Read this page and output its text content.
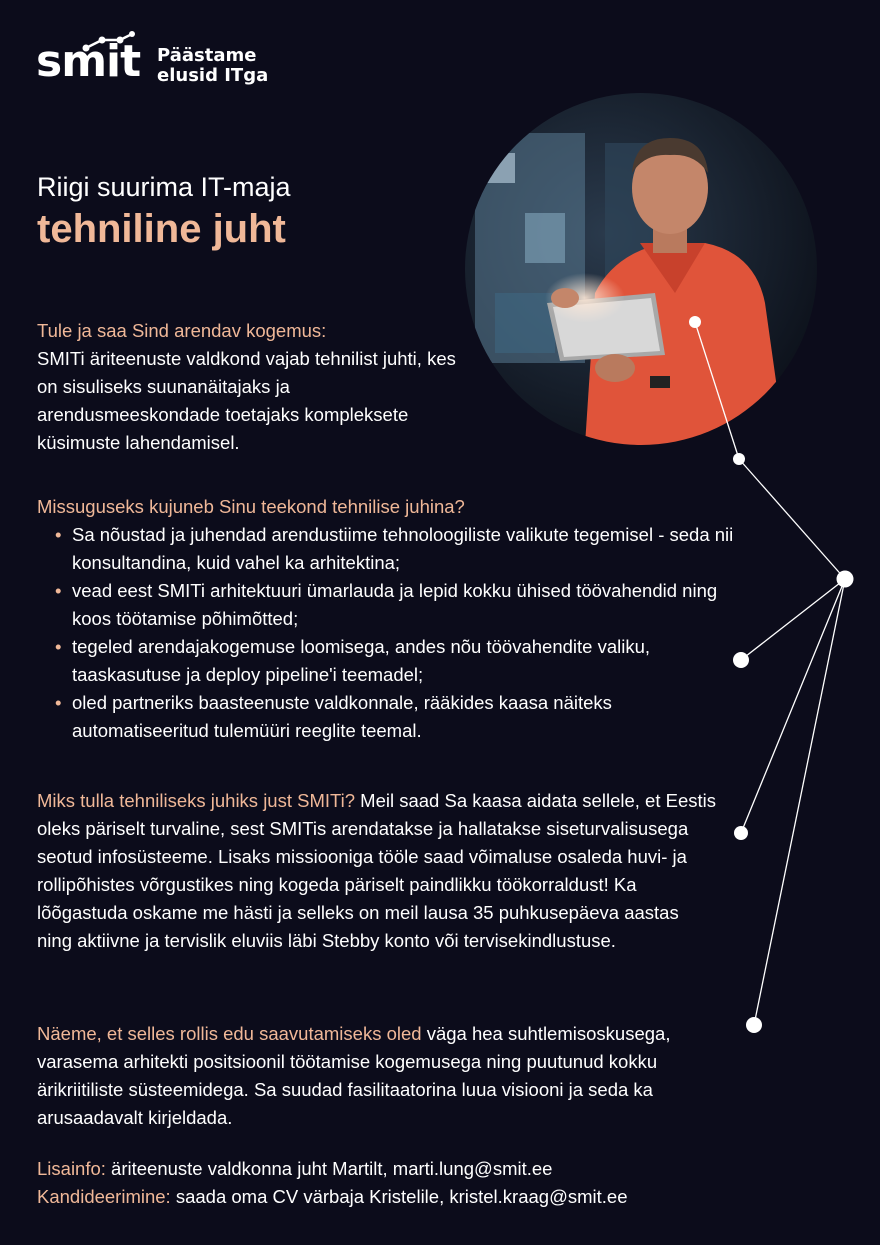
smit Päästame
elusid ITga
Riigi suurima IT-maja
tehniline juht
Tule ja saa Sind arendav kogemus:
SMITi äriteenuste valdkond vajab tehnilist juhti, kes on sisuliseks suunanäitajaks ja arendusmeeskondade toetajaks kompleksete küsimuste lahendamisel.
Missuguseks kujuneb Sinu teekond tehnilise juhina?
• Sa nõustad ja juhendad arendustiime tehnoloogiliste valikute tegemisel - seda nii konsultandina, kuid vahel ka arhitektina;
• vead eest SMITi arhitektuuri ümarlauda ja lepid kokku ühised töövahendid ning koos töötamise põhimõtted;
• tegeled arendajakogemuse loomisega, andes nõu töövahendite valiku, taaskasutuse ja deploy pipeline'i teemadel;
• oled partneriks baasteenuste valdkonnale, rääkides kaasa näiteks automatiseeritud tulemüüri reeglite teemal.
Miks tulla tehniliseks juhiks just SMITi? Meil saad Sa kaasa aidata sellele, et Eestis oleks päriselt turvaline, sest SMITis arendatakse ja hallatakse siseturvalisusega seotud infosüsteeme. Lisaks missiooniga tööle saad võimaluse osaleda huvi- ja rollipõhistes võrgustikes ning kogeda päriselt paindlikku töökorraldust! Ka lõõgastuda oskame me hästi ja selleks on meil lausa 35 puhkusepäeva aastas ning aktiivne ja tervislik eluviis läbi Stebby konto või tervisekindlustuse.
Näeme, et selles rollis edu saavutamiseks oled väga hea suhtlemisoskusega, varasema arhitekti positsioonil töötamise kogemusega ning puutunud kokku ärikriitiliste süsteemidega. Sa suudad fasilitaatorina luua visiooni ja seda ka arusaadavalt kirjeldada.
Lisainfo: äriteenuste valdkonna juht Martilt, marti.lung@smit.ee
Kandideerimine: saada oma CV värbaja Kristelile, kristel.kraag@smit.ee
